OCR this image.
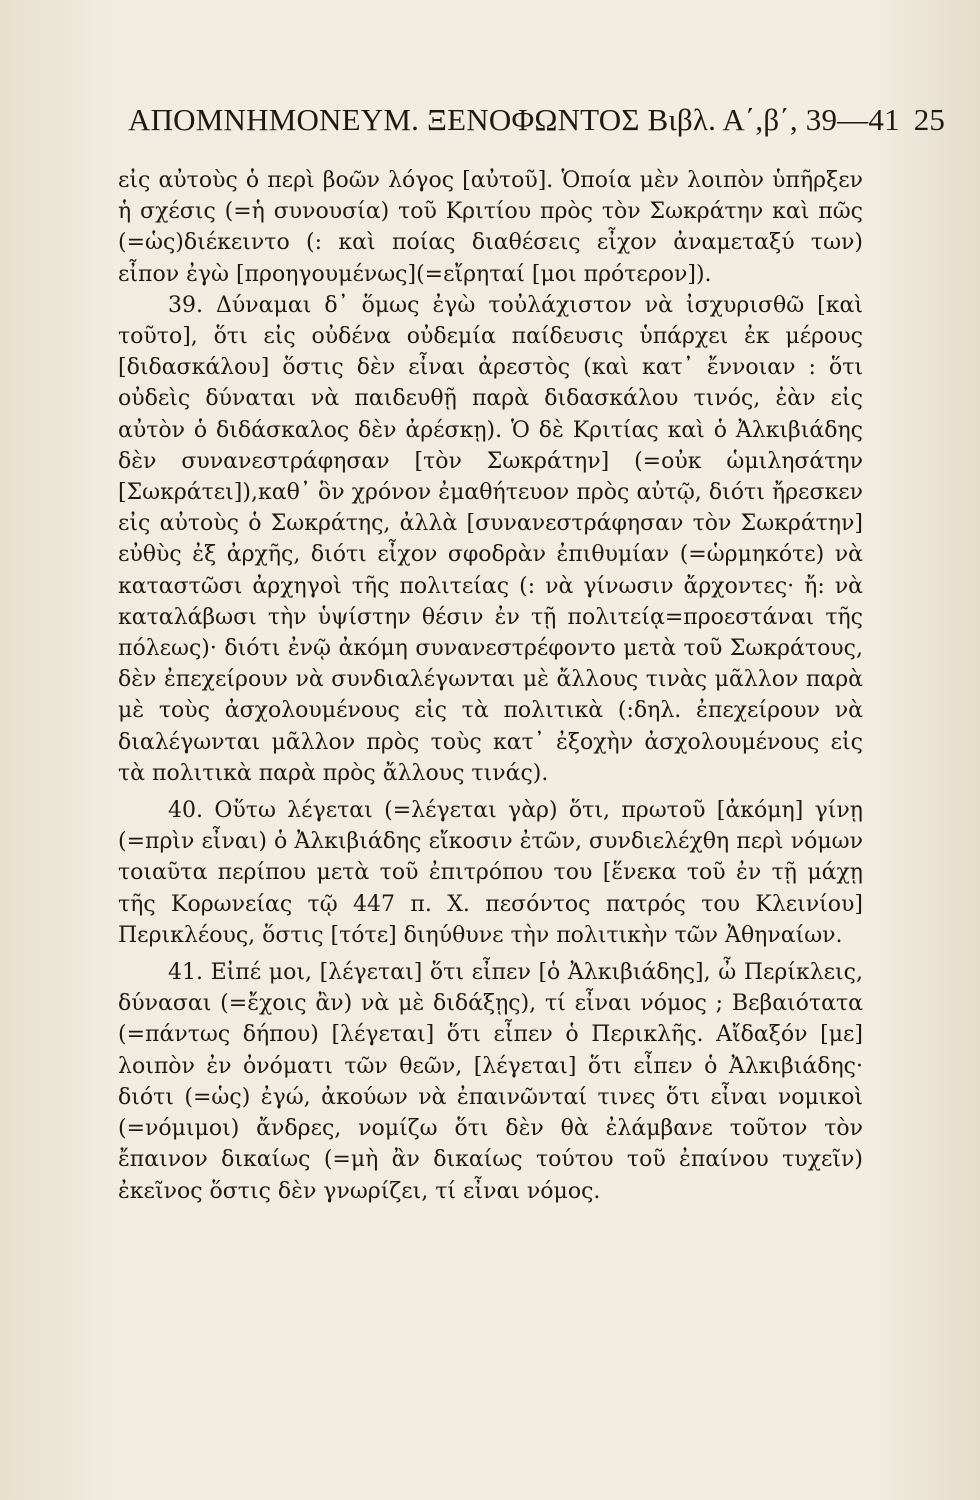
ΑΠΟΜΝΗΜΟΝΕΥΜ. ΞΕΝΟΦΩΝΤΟΣ Βιβλ. Α΄,β΄, 39—41 25

εἰς αὐτοὺς ὁ περὶ βοῶν λόγος [αὐτοῦ]. Ὁποία μὲν λοιπὸν ὑπῆρξεν ἡ σχέσις (=ἡ συνουσία) τοῦ Κριτίου πρὸς τὸν Σωκράτην καὶ πῶς (=ὡς)διέκειντο (: καὶ ποίας διαθέσεις εἶχον ἀναμεταξύ των) εἶπον ἐγὼ [προηγουμένως](=εἴρηταί [μοι πρότερον]).

39. Δύναμαι δ᾽ ὅμως ἐγὼ τοὐλάχιστον νὰ ἰσχυρισθῶ [καὶ τοῦτο], ὅτι εἰς οὐδένα οὐδεμία παίδευσις ὑπάρχει ἐκ μέρους [διδασκάλου] ὅστις δὲν εἶναι ἀρεστὸς (καὶ κατ᾽ ἔννοιαν : ὅτι οὐδεὶς δύναται νὰ παιδευθῇ παρὰ διδασκάλου τινός, ἐὰν εἰς αὐτὸν ὁ διδάσκαλος δὲν ἀρέσκῃ). Ὁ δὲ Κριτίας καὶ ὁ Ἀλκιβιάδης δὲν συνανεστράφησαν [τὸν Σωκράτην] (=οὐκ ὡμιλησάτην [Σωκράτει]),καθ᾽ ὃν χρόνον ἐμαθήτευον πρὸς αὐτῷ, διότι ἤρεσκεν εἰς αὐτοὺς ὁ Σωκράτης, ἀλλὰ [συνανεστράφησαν τὸν Σωκράτην] εὐθὺς ἐξ ἀρχῆς, διότι εἶχον σφοδρὰν ἐπιθυμίαν (=ὡρμηκότε) νὰ καταστῶσι ἀρχηγοὶ τῆς πολιτείας (: νὰ γίνωσιν ἄρχοντες· ἤ: νὰ καταλάβωσι τὴν ὑψίστην θέσιν ἐν τῇ πολιτείᾳ=προεστάναι τῆς πόλεως)· διότι ἐνῷ ἀκόμη συνανεστρέφοντο μετὰ τοῦ Σωκράτους, δὲν ἐπεχείρουν νὰ συνδιαλέγωνται μὲ ἄλλους τινὰς μᾶλλον παρὰ μὲ τοὺς ἀσχολουμένους εἰς τὰ πολιτικὰ (:δηλ. ἐπεχείρουν νὰ διαλέγωνται μᾶλλον πρὸς τοὺς κατ᾽ ἐξοχὴν ἀσχολουμένους εἰς τὰ πολιτικὰ παρὰ πρὸς ἄλλους τινάς).

40. Οὕτω λέγεται (=λέγεται γὰρ) ὅτι, πρωτοῦ [ἀκόμη] γίνῃ (=πρὶν εἶναι) ὁ Ἀλκιβιάδης εἴκοσιν ἐτῶν, συνδιελέχθη περὶ νόμων τοιαῦτα περίπου μετὰ τοῦ ἐπιτρόπου του [ἕνεκα τοῦ ἐν τῇ μάχῃ τῆς Κορωνείας τῷ 447 π. Χ. πεσόντος πατρός του Κλεινίου] Περικλέους, ὅστις [τότε] διηύθυνε τὴν πολιτικὴν τῶν Ἀθηναίων.

41. Εἰπέ μοι, [λέγεται] ὅτι εἶπεν [ὁ Ἀλκιβιάδης], ὦ Περίκλεις, δύνασαι (=ἔχοις ἂν) νὰ μὲ διδάξῃς), τί εἶναι νόμος ; Βεβαιότατα (=πάντως δήπου) [λέγεται] ὅτι εἶπεν ὁ Περικλῆς. Αἴδαξόν [με] λοιπὸν ἐν ὀνόματι τῶν θεῶν, [λέγεται] ὅτι εἶπεν ὁ Ἀλκιβιάδης· διότι (=ὡς) ἐγώ, ἀκούων νὰ ἐπαινῶνταί τινες ὅτι εἶναι νομικοὶ (=νόμιμοι) ἄνδρες, νομίζω ὅτι δὲν θὰ ἐλάμβανε τοῦτον τὸν ἔπαινον δικαίως (=μὴ ἂν δικαίως τούτου τοῦ ἐπαίνου τυχεῖν) ἐκεῖνος ὅστις δὲν γνωρίζει, τί εἶναι νόμος.
